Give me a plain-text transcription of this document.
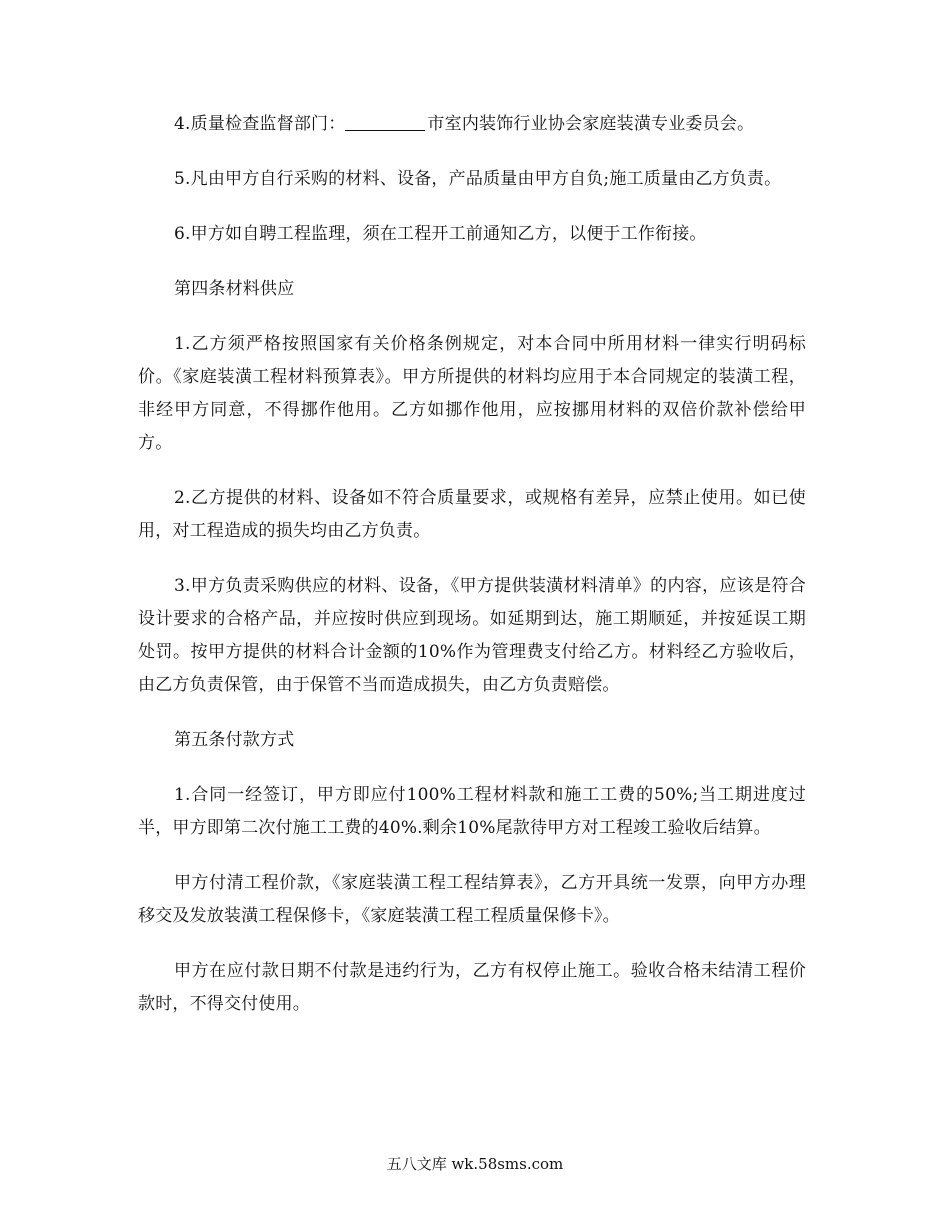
4.质量检查监督部门：	市室内装饰行业协会家庭装潢专业委员会。

5.凡由甲方自行采购的材料、设备，产品质量由甲方自负;施工质量由乙方负责。

6.甲方如自聘工程监理，须在工程开工前通知乙方，以便于工作衔接。

第四条材料供应

1.乙方须严格按照国家有关价格条例规定，对本合同中所用材料一律实行明码标价。《家庭装潢工程材料预算表》。甲方所提供的材料均应用于本合同规定的装潢工程，非经甲方同意，不得挪作他用。乙方如挪作他用，应按挪用材料的双倍价款补偿给甲方。

2.乙方提供的材料、设备如不符合质量要求，或规格有差异，应禁止使用。如已使用，对工程造成的损失均由乙方负责。

3.甲方负责采购供应的材料、设备，《甲方提供装潢材料清单》的内容，应该是符合设计要求的合格产品，并应按时供应到现场。如延期到达，施工期顺延，并按延误工期处罚。按甲方提供的材料合计金额的10%作为管理费支付给乙方。材料经乙方验收后，由乙方负责保管，由于保管不当而造成损失，由乙方负责赔偿。

第五条付款方式

1.合同一经签订，甲方即应付100%工程材料款和施工工费的50%;当工期进度过半，甲方即第二次付施工工费的40%.剩余10%尾款待甲方对工程竣工验收后结算。

甲方付清工程价款，《家庭装潢工程工程结算表》，乙方开具统一发票，向甲方办理移交及发放装潢工程保修卡，《家庭装潢工程工程质量保修卡》。

甲方在应付款日期不付款是违约行为，乙方有权停止施工。验收合格未结清工程价款时，不得交付使用。

五八文库 wk.58sms.com
